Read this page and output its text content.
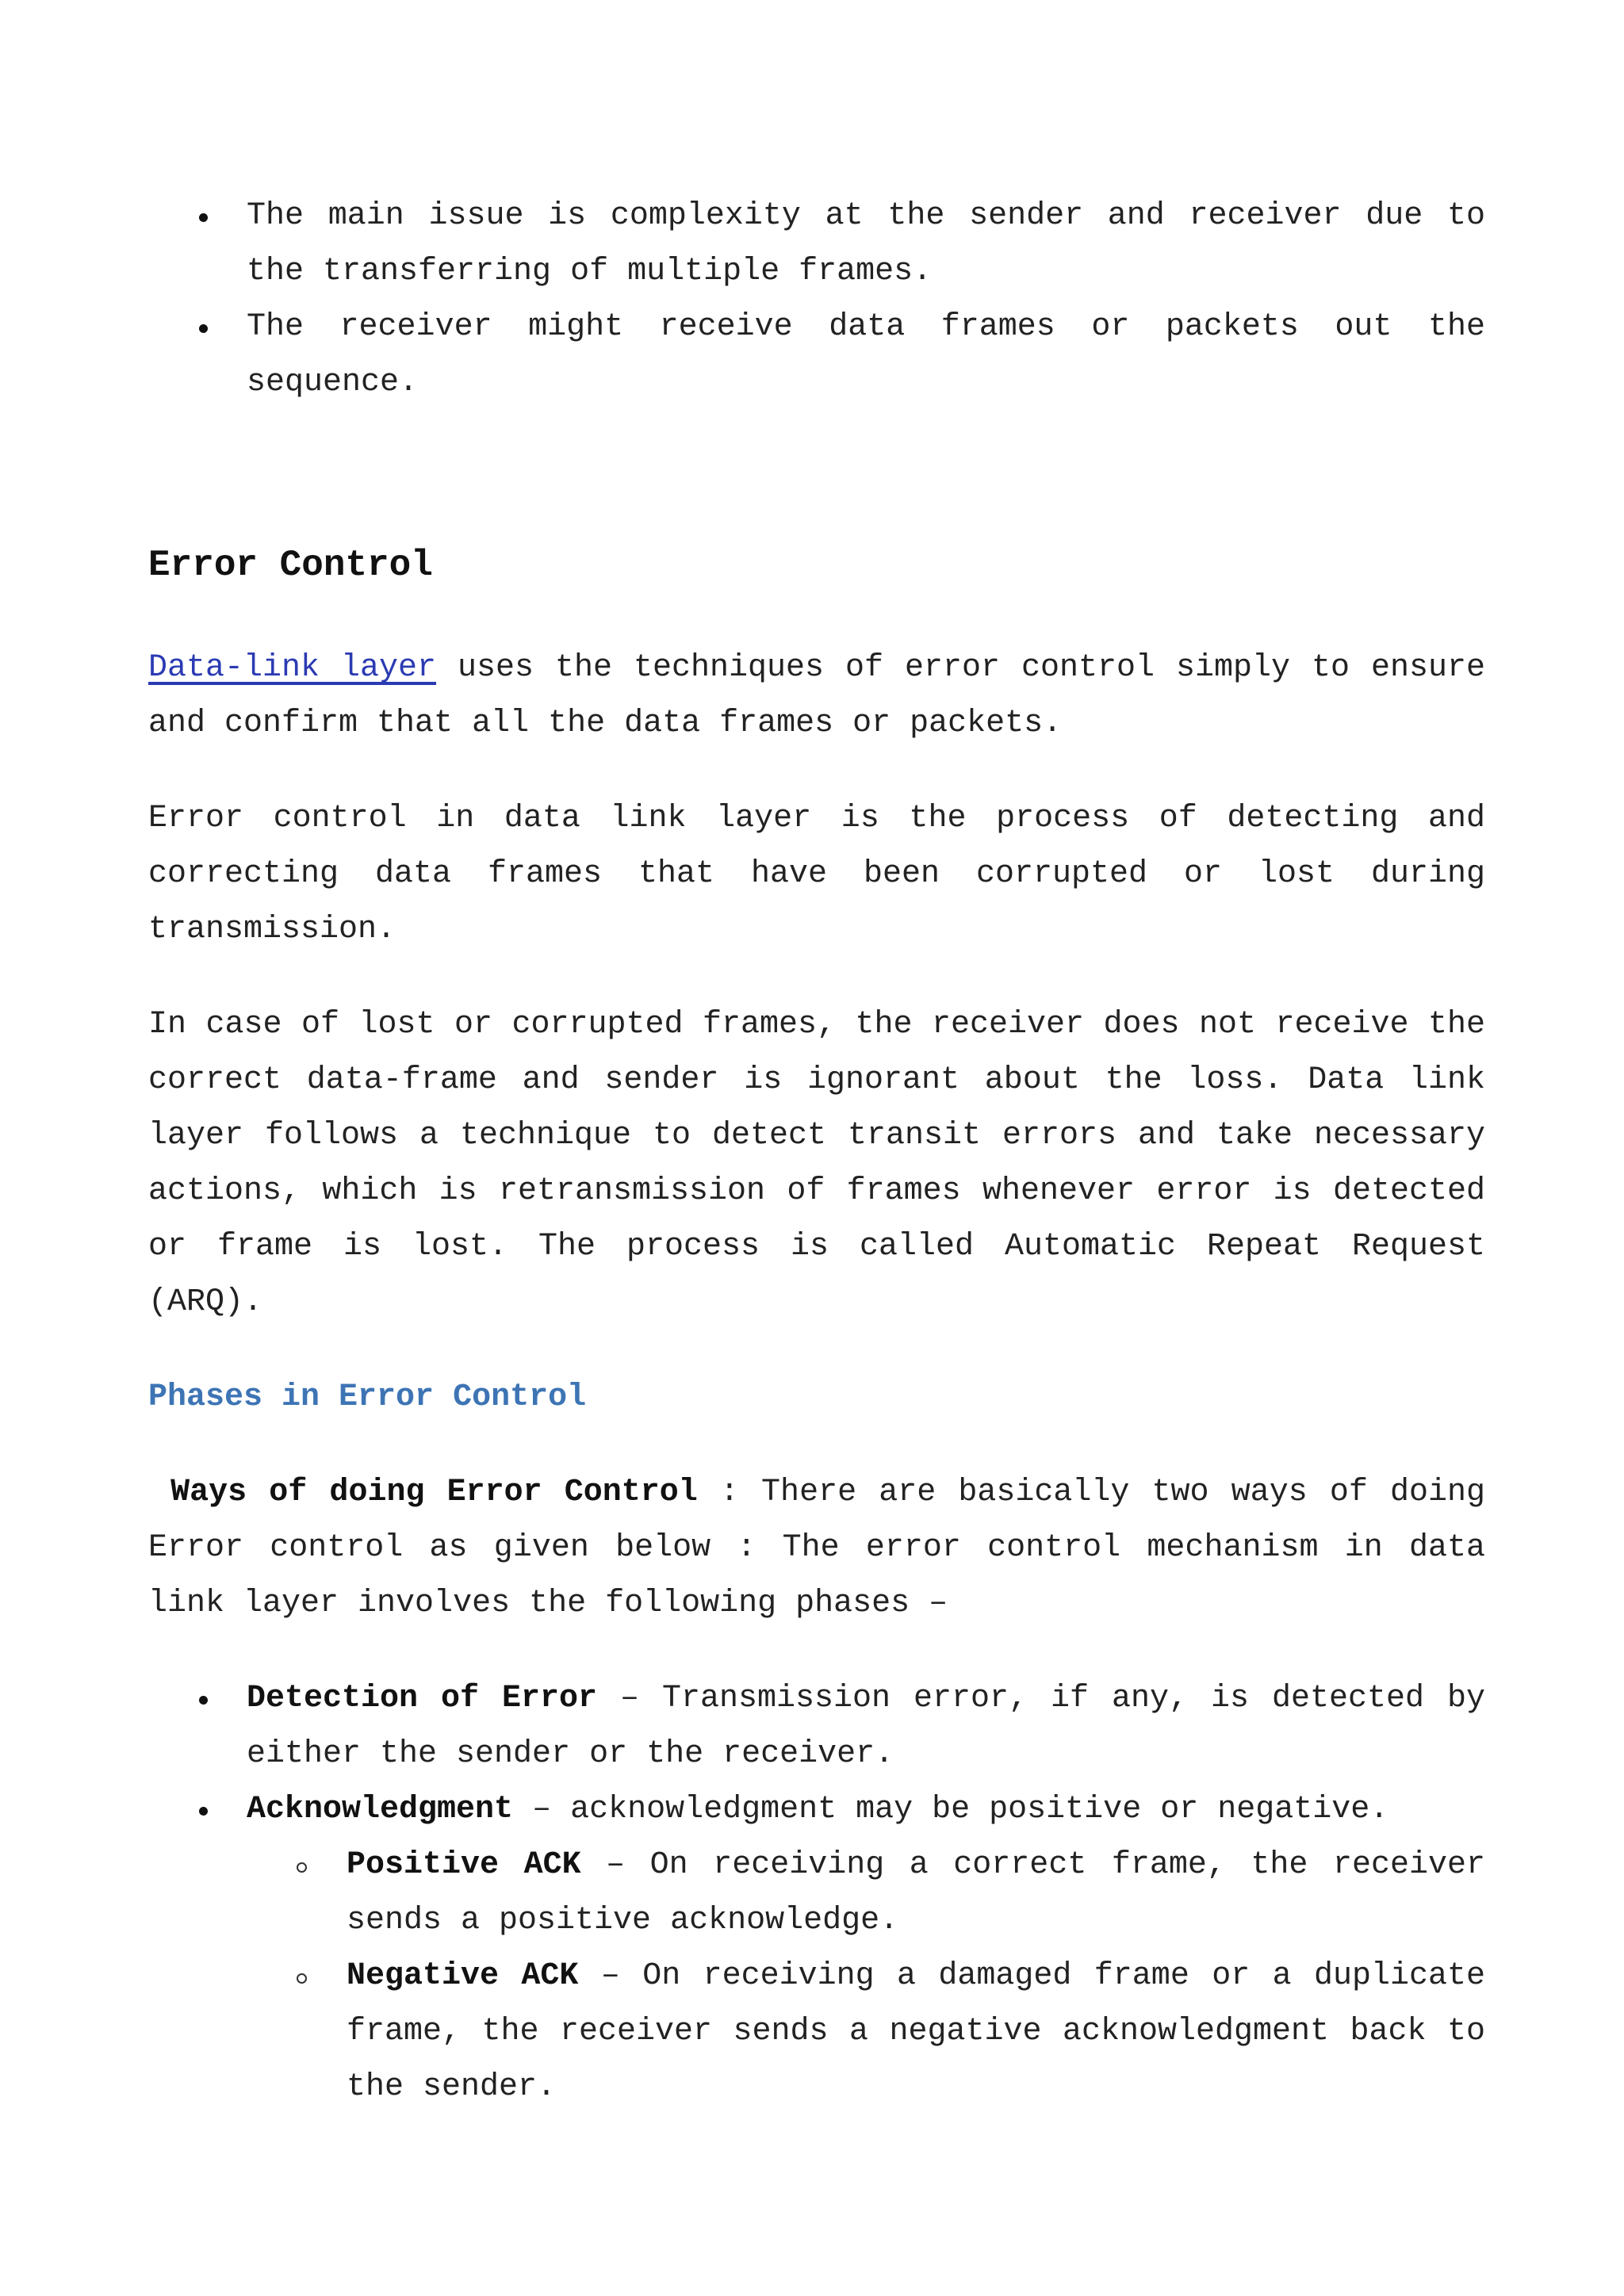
The main issue is complexity at the sender and receiver due to the transferring of multiple frames.

The receiver might receive data frames or packets out the sequence.

Error Control

Data-link layer uses the techniques of error control simply to ensure and confirm that all the data frames or packets.

Error control in data link layer is the process of detecting and correcting data frames that have been corrupted or lost during transmission.

In case of lost or corrupted frames, the receiver does not receive the correct data-frame and sender is ignorant about the loss. Data link layer follows a technique to detect transit errors and take necessary actions, which is retransmission of frames whenever error is detected or frame is lost. The process is called Automatic Repeat Request (ARQ).

Phases in Error Control

Ways of doing Error Control : There are basically two ways of doing Error control as given below : The error control mechanism in data link layer involves the following phases –

Detection of Error – Transmission error, if any, is detected by either the sender or the receiver.

Acknowledgment – acknowledgment may be positive or negative.

Positive ACK – On receiving a correct frame, the receiver sends a positive acknowledge.

Negative ACK – On receiving a damaged frame or a duplicate frame, the receiver sends a negative acknowledgment back to the sender.
